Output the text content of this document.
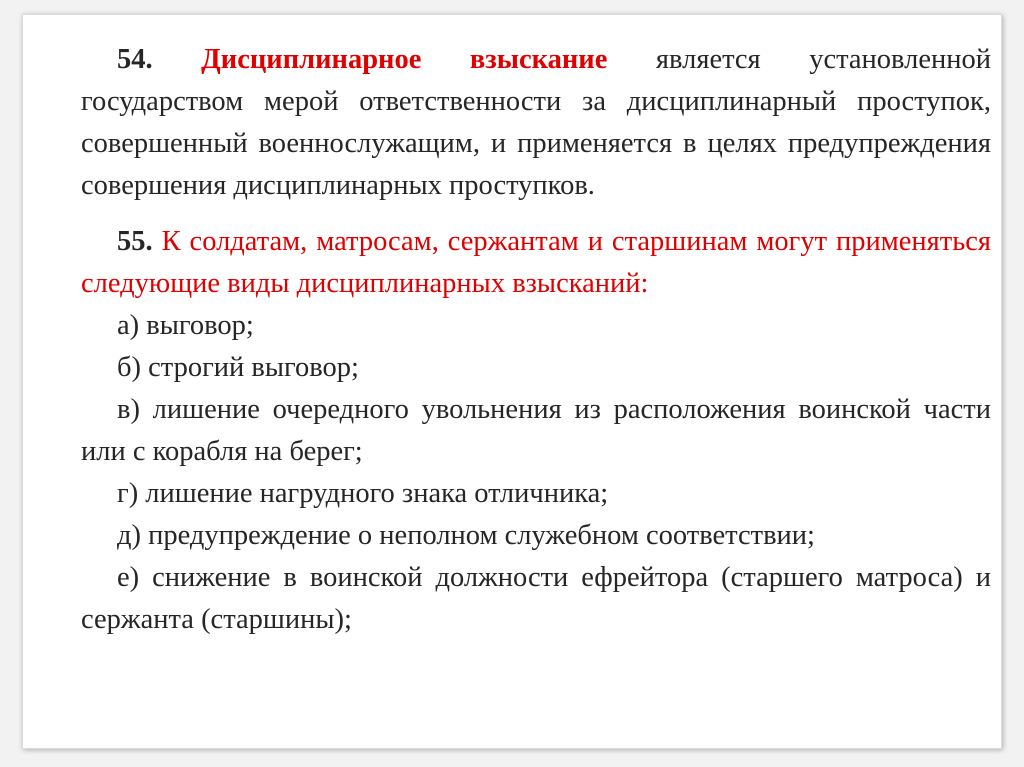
54. Дисциплинарное взыскание является установленной государством мерой ответственности за дисциплинарный проступок, совершенный военнослужащим, и применяется в целях предупреждения совершения дисциплинарных проступков.

55. К солдатам, матросам, сержантам и старшинам могут применяться следующие виды дисциплинарных взысканий:

а) выговор;

б) строгий выговор;

в) лишение очередного увольнения из расположения воинской части или с корабля на берег;

г) лишение нагрудного знака отличника;

д) предупреждение о неполном служебном соответствии;

е) снижение в воинской должности ефрейтора (старшего матроса) и сержанта (старшины);
